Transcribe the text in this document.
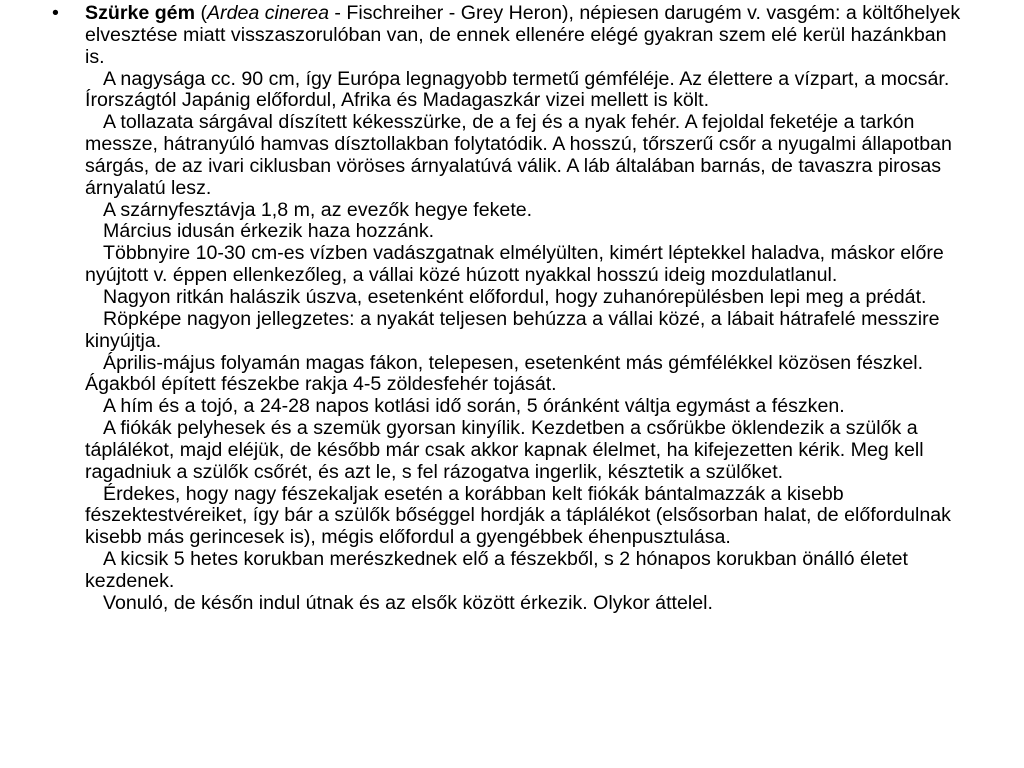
•	Szürke gém (Ardea cinerea - Fischreiher - Grey Heron), népiesen darugém v. vasgém: a költőhelyek elvesztése miatt visszaszorulóban van, de ennek ellenére elégé gyakran szem elé kerül hazánkban is.
A nagysága cc. 90 cm, így Európa legnagyobb termetű gémféléje. Az élettere a vízpart, a mocsár. Írországtól Japánig előfordul, Afrika és Madagaszkár vizei mellett is költ.
A tollazata sárgával díszített kékesszürke, de a fej és a nyak fehér. A fejoldal feketéje a tarkón messze, hátranyúló hamvas dísztollakban folytatódik. A hosszú, tőrszerű csőr a nyugalmi állapotban sárgás, de az ivari ciklusban vöröses árnyalatúvá válik. A láb általában barnás, de tavaszra pirosas árnyalatú lesz.
A szárnyfesztávja 1,8 m, az evezők hegye fekete.
Március idusán érkezik haza hozzánk.
Többnyire 10-30 cm-es vízben vadászgatnak elmélyülten, kimért léptekkel haladva, máskor előre nyújtott v. éppen ellenkezőleg, a vállai közé húzott nyakkal hosszú ideig mozdulatlanul.
Nagyon ritkán halászik úszva, esetenként előfordul, hogy zuhanórepülésben lepi meg a prédát.
Röpképe nagyon jellegzetes: a nyakát teljesen behúzza a vállai közé, a lábait hátrafelé messzire kinyújtja.
Április-május folyamán magas fákon, telepesen, esetenként más gémfélékkel közösen fészkel. Ágakból épített fészekbe rakja 4-5 zöldesfehér tojását.
A hím és a tojó, a 24-28 napos kotlási idő során, 5 óránként váltja egymást a fészken.
A fiókák pelyhesek és a szemük gyorsan kinyílik. Kezdetben a csőrükbe öklendezik a szülők a táplálékot, majd eléjük, de később már csak akkor kapnak élelmet, ha kifejezetten kérik. Meg kell ragadniuk a szülők csőrét, és azt le, s fel rázogatva ingerlik, késztetik a szülőket.
Érdekes, hogy nagy fészekaljak esetén a korábban kelt fiókák bántalmazzák a kisebb fészektestvéreiket, így bár a szülők bőséggel hordják a táplálékot (elsősorban halat, de előfordulnak kisebb más gerincesek is), mégis előfordul a gyengébbek éhenpusztulása.
A kicsik 5 hetes korukban merészkednek elő a fészekből, s 2 hónapos korukban önálló életet kezdenek.
Vonuló, de későn indul útnak és az elsők között érkezik. Olykor áttelel.
